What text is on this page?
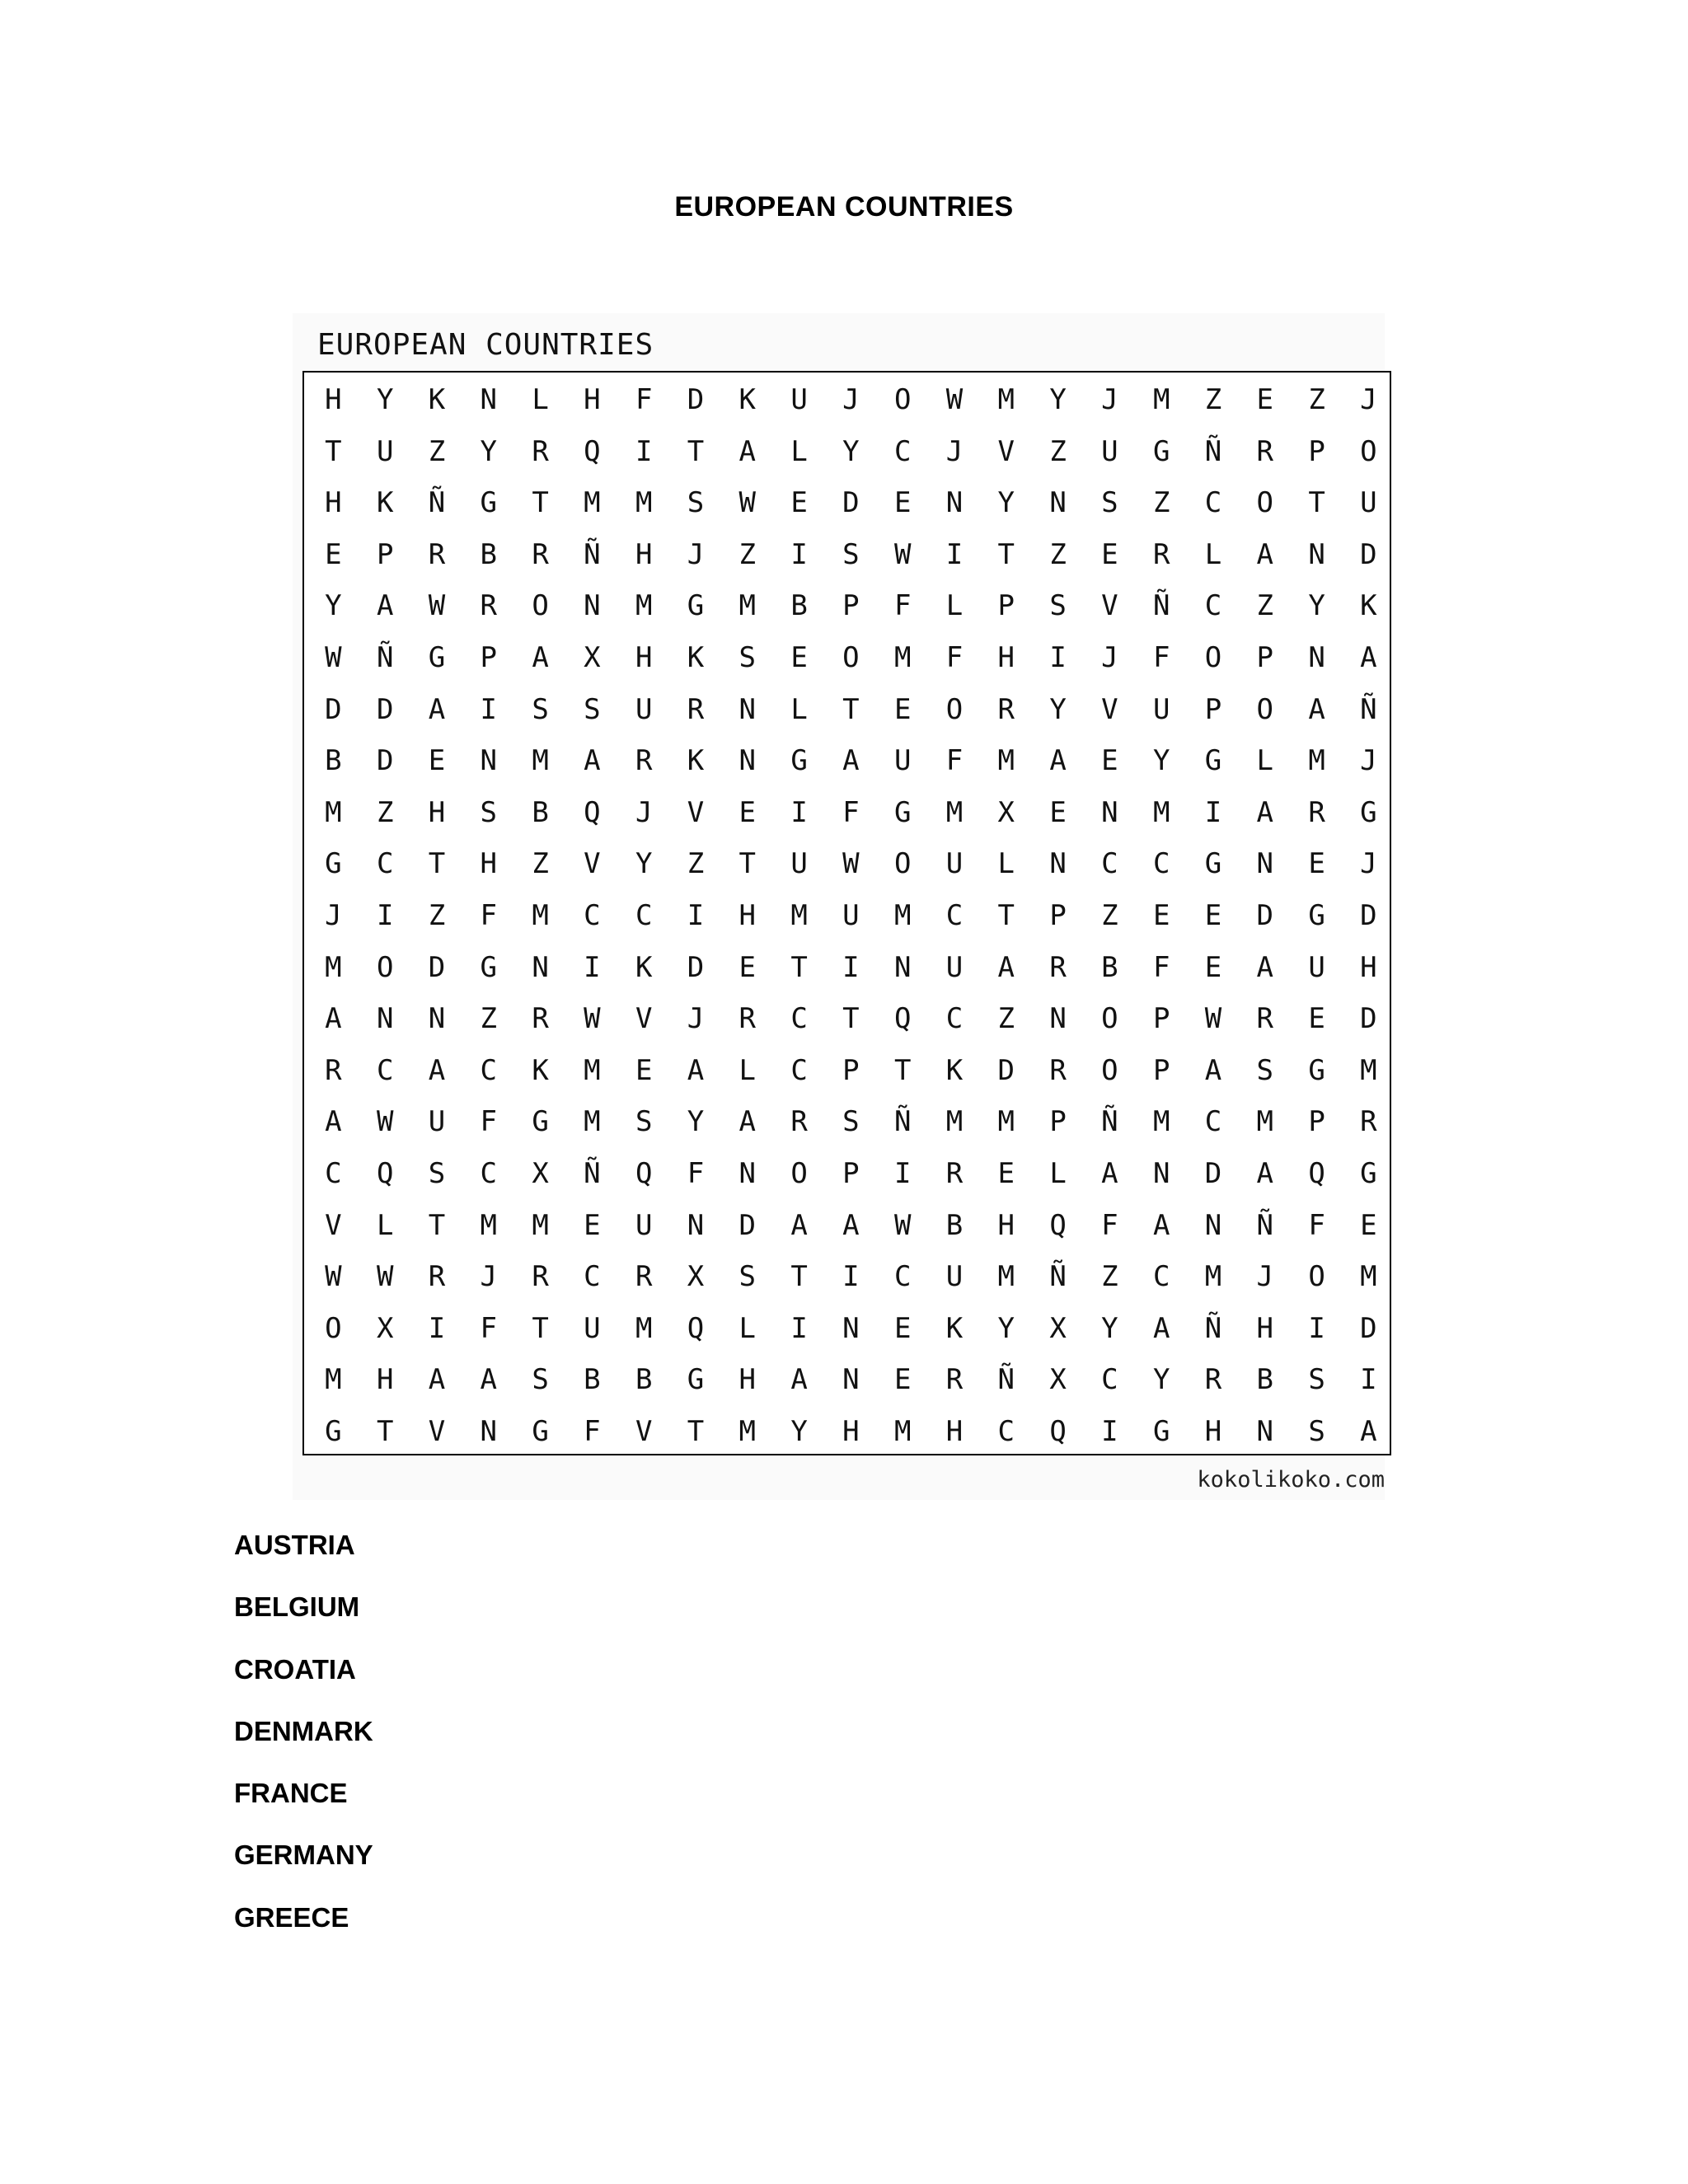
EUROPEAN COUNTRIES
EUROPEAN COUNTRIES
H	Y	K	N	L	H	F	D	K	U	J	O	W	M	Y	J	M	Z	E	Z	J
T	U	Z	Y	R	Q	I	T	A	L	Y	C	J	V	Z	U	G	Ñ	R	P	O
H	K	Ñ	G	T	M	M	S	W	E	D	E	N	Y	N	S	Z	C	O	T	U
E	P	R	B	R	Ñ	H	J	Z	I	S	W	I	T	Z	E	R	L	A	N	D
Y	A	W	R	O	N	M	G	M	B	P	F	L	P	S	V	Ñ	C	Z	Y	K
W	Ñ	G	P	A	X	H	K	S	E	O	M	F	H	I	J	F	O	P	N	A
D	D	A	I	S	S	U	R	N	L	T	E	O	R	Y	V	U	P	O	A	Ñ
B	D	E	N	M	A	R	K	N	G	A	U	F	M	A	E	Y	G	L	M	J
M	Z	H	S	B	Q	J	V	E	I	F	G	M	X	E	N	M	I	A	R	G
G	C	T	H	Z	V	Y	Z	T	U	W	O	U	L	N	C	C	G	N	E	J
J	I	Z	F	M	C	C	I	H	M	U	M	C	T	P	Z	E	E	D	G	D
M	O	D	G	N	I	K	D	E	T	I	N	U	A	R	B	F	E	A	U	H
A	N	N	Z	R	W	V	J	R	C	T	Q	C	Z	N	O	P	W	R	E	D
R	C	A	C	K	M	E	A	L	C	P	T	K	D	R	O	P	A	S	G	M
A	W	U	F	G	M	S	Y	A	R	S	Ñ	M	M	P	Ñ	M	C	M	P	R
C	Q	S	C	X	Ñ	Q	F	N	O	P	I	R	E	L	A	N	D	A	Q	G
V	L	T	M	M	E	U	N	D	A	A	W	B	H	Q	F	A	N	Ñ	F	E
W	W	R	J	R	C	R	X	S	T	I	C	U	M	Ñ	Z	C	M	J	O	M
O	X	I	F	T	U	M	Q	L	I	N	E	K	Y	X	Y	A	Ñ	H	I	D
M	H	A	A	S	B	B	G	H	A	N	E	R	Ñ	X	C	Y	R	B	S	I
G	T	V	N	G	F	V	T	M	Y	H	M	H	C	Q	I	G	H	N	S	A
kokolikoko.com
AUSTRIA
BELGIUM
CROATIA
DENMARK
FRANCE
GERMANY
GREECE
